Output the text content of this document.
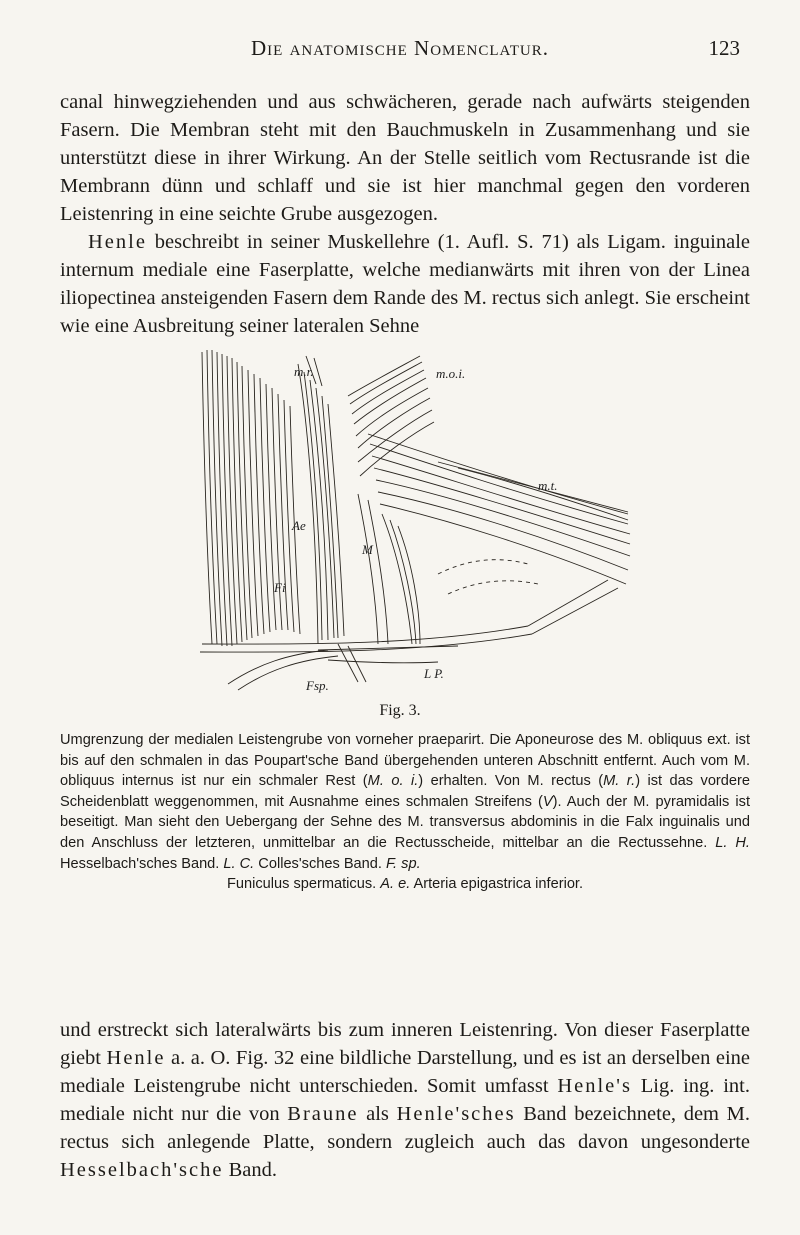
Die anatomische Nomenclatur.	123
canal hinwegziehenden und aus schwächeren, gerade nach aufwärts steigenden Fasern. Die Membran steht mit den Bauchmuskeln in Zusammenhang und sie unterstützt diese in ihrer Wirkung. An der Stelle seitlich vom Rectusrande ist die Membrann dünn und schlaff und sie ist hier manchmal gegen den vorderen Leistenring in eine seichte Grube ausgezogen.
Henle beschreibt in seiner Muskellehre (1. Aufl. S. 71) als Ligam. inguinale internum mediale eine Faserplatte, welche medianwärts mit ihren von der Linea iliopectinea ansteigenden Fasern dem Rande des M. rectus sich anlegt. Sie erscheint wie eine Ausbreitung seiner lateralen Sehne
m.r.	m.o.i.
m.t.
Ae
Fi
M
L P.
Fsp.
Fig. 3.
Umgrenzung der medialen Leistengrube von vorneher praeparirt. Die Aponeurose des M. obliquus ext. ist bis auf den schmalen in das Poupart'sche Band übergehenden unteren Abschnitt entfernt. Auch vom M. obliquus internus ist nur ein schmaler Rest (M. o. i.) erhalten. Von M. rectus (M. r.) ist das vordere Scheidenblatt weggenommen, mit Ausnahme eines schmalen Streifens (V). Auch der M. pyramidalis ist beseitigt. Man sieht den Uebergang der Sehne des M. transversus abdominis in die Falx inguinalis und den Anschluss der letzteren, unmittelbar an die Rectusscheide, mittelbar an die Rectussehne. L. H. Hesselbach'sches Band. L. C. Colles'sches Band. F. sp.
Funiculus spermaticus. A. e. Arteria epigastrica inferior.
und erstreckt sich lateralwärts bis zum inneren Leistenring. Von dieser Faserplatte giebt Henle a. a. O. Fig. 32 eine bildliche Darstellung, und es ist an derselben eine mediale Leistengrube nicht unterschieden. Somit umfasst Henle's Lig. ing. int. mediale nicht nur die von Braune als Henle'sches Band bezeichnete, dem M. rectus sich anlegende Platte, sondern zugleich auch das davon ungesonderte Hesselbach'sche Band.
